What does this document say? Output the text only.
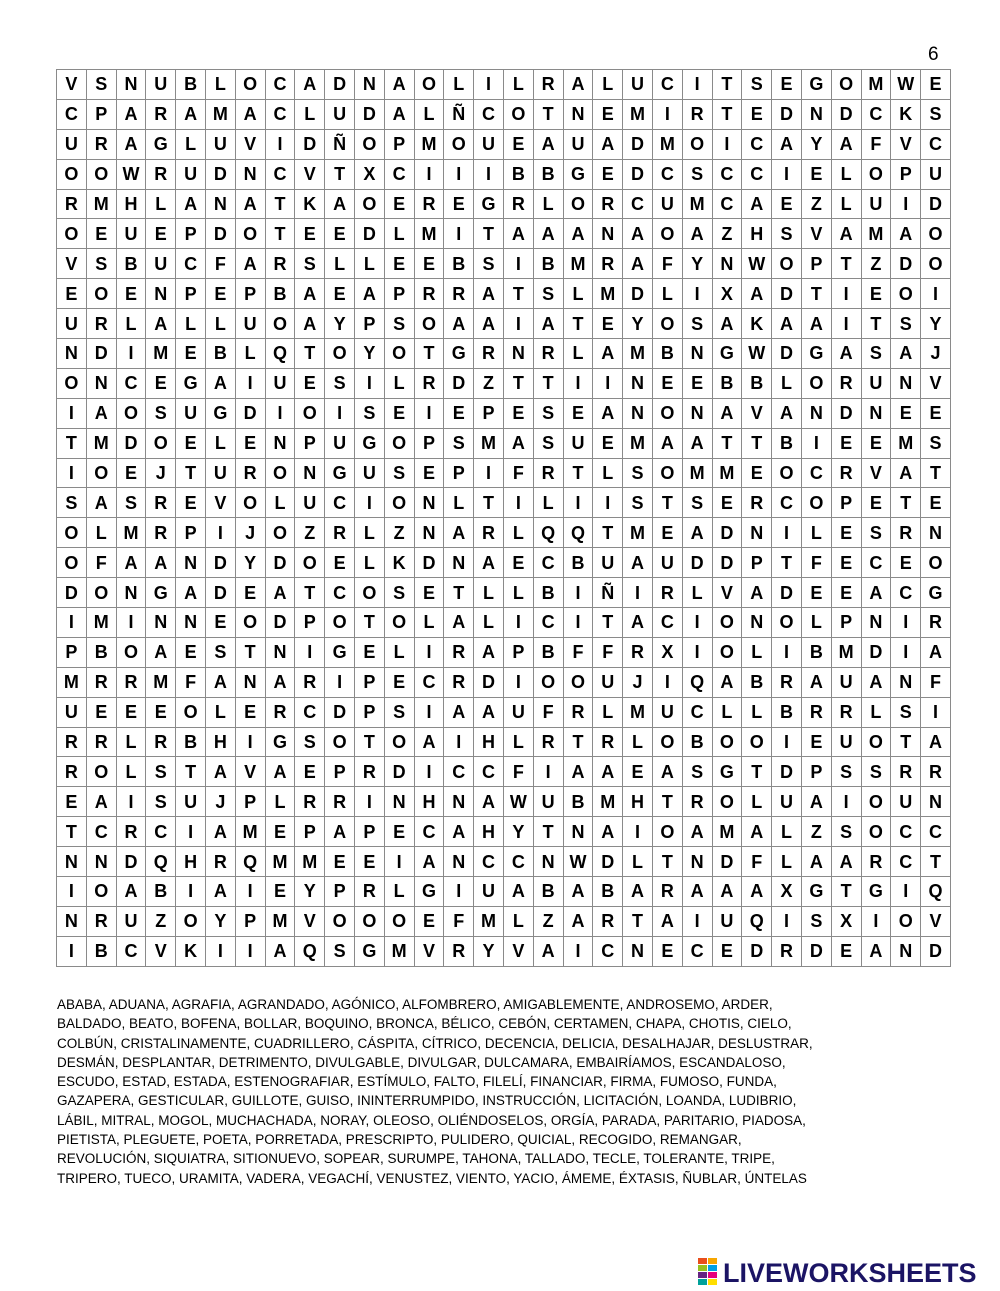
6
V	S	N	U	B	L	O	C	A	D	N	A	O	L	I	L	R	A	L	U	C	I	T	S	E	G	O	M	W	E
C	P	A	R	A	M	A	C	L	U	D	A	L	Ñ	C	O	T	N	E	M	I	R	T	E	D	N	D	C	K	S
U	R	A	G	L	U	V	I	D	Ñ	O	P	M	O	U	E	A	U	A	D	M	O	I	C	A	Y	A	F	V	C
O	O	W	R	U	D	N	C	V	T	X	C	I	I	I	B	B	G	E	D	C	S	C	C	I	E	L	O	P	U
R	M	H	L	A	N	A	T	K	A	O	E	R	E	G	R	L	O	R	C	U	M	C	A	E	Z	L	U	I	D
O	E	U	E	P	D	O	T	E	E	D	L	M	I	T	A	A	A	N	A	O	A	Z	H	S	V	A	M	A	O
V	S	B	U	C	F	A	R	S	L	L	E	E	B	S	I	B	M	R	A	F	Y	N	W	O	P	T	Z	D	O
E	O	E	N	P	E	P	B	A	E	A	P	R	R	A	T	S	L	M	D	L	I	X	A	D	T	I	E	O	I
U	R	L	A	L	L	U	O	A	Y	P	S	O	A	A	I	A	T	E	Y	O	S	A	K	A	A	I	T	S	Y
N	D	I	M	E	B	L	Q	T	O	Y	O	T	G	R	N	R	L	A	M	B	N	G	W	D	G	A	S	A	J
O	N	C	E	G	A	I	U	E	S	I	L	R	D	Z	T	T	I	I	N	E	E	B	B	L	O	R	U	N	V
I	A	O	S	U	G	D	I	O	I	S	E	I	E	P	E	S	E	A	N	O	N	A	V	A	N	D	N	E	E
T	M	D	O	E	L	E	N	P	U	G	O	P	S	M	A	S	U	E	M	A	A	T	T	B	I	E	E	M	S
I	O	E	J	T	U	R	O	N	G	U	S	E	P	I	F	R	T	L	S	O	M	M	E	O	C	R	V	A	T
S	A	S	R	E	V	O	L	U	C	I	O	N	L	T	I	L	I	I	S	T	S	E	R	C	O	P	E	T	E
O	L	M	R	P	I	J	O	Z	R	L	Z	N	A	R	L	Q	Q	T	M	E	A	D	N	I	L	E	S	R	N
O	F	A	A	N	D	Y	D	O	E	L	K	D	N	A	E	C	B	U	A	U	D	D	P	T	F	E	C	E	O
D	O	N	G	A	D	E	A	T	C	O	S	E	T	L	L	B	I	Ñ	I	R	L	V	A	D	E	E	A	C	G
I	M	I	N	N	E	O	D	P	O	T	O	L	A	L	I	C	I	T	A	C	I	O	N	O	L	P	N	I	R
P	B	O	A	E	S	T	N	I	G	E	L	I	R	A	P	B	F	F	R	X	I	O	L	I	B	M	D	I	A
M	R	R	M	F	A	N	A	R	I	P	E	C	R	D	I	O	O	U	J	I	Q	A	B	R	A	U	A	N	F
U	E	E	E	O	L	E	R	C	D	P	S	I	A	A	U	F	R	L	M	U	C	L	L	B	R	R	L	S	I
R	R	L	R	B	H	I	G	S	O	T	O	A	I	H	L	R	T	R	L	O	B	O	O	I	E	U	O	T	A
R	O	L	S	T	A	V	A	E	P	R	D	I	C	C	F	I	A	A	E	A	S	G	T	D	P	S	S	R	R
E	A	I	S	U	J	P	L	R	R	I	N	H	N	A	W	U	B	M	H	T	R	O	L	U	A	I	O	U	N
T	C	R	C	I	A	M	E	P	A	P	E	C	A	H	Y	T	N	A	I	O	A	M	A	L	Z	S	O	C	C
N	N	D	Q	H	R	Q	M	M	E	E	I	A	N	C	C	N	W	D	L	T	N	D	F	L	A	A	R	C	T
I	O	A	B	I	A	I	E	Y	P	R	L	G	I	U	A	B	A	B	A	R	A	A	A	X	G	T	G	I	Q
N	R	U	Z	O	Y	P	M	V	O	O	O	E	F	M	L	Z	A	R	T	A	I	U	Q	I	S	X	I	O	V
I	B	C	V	K	I	I	A	Q	S	G	M	V	R	Y	V	A	I	C	N	E	C	E	D	R	D	E	A	N	D

ABABA, ADUANA, AGRAFIA, AGRANDADO, AGÓNICO, ALFOMBRERO, AMIGABLEMENTE, ANDROSEMO, ARDER,

BALDADO, BEATO, BOFENA, BOLLAR, BOQUINO, BRONCA, BÉLICO, CEBÓN, CERTAMEN, CHAPA, CHOTIS, CIELO,

COLBÚN, CRISTALINAMENTE, CUADRILLERO, CÁSPITA, CÍTRICO, DECENCIA, DELICIA, DESALHAJAR, DESLUSTRAR,

DESMÁN, DESPLANTAR, DETRIMENTO, DIVULGABLE, DIVULGAR, DULCAMARA, EMBAIRÍAMOS, ESCANDALOSO,

ESCUDO, ESTAD, ESTADA, ESTENOGRAFIAR, ESTÍMULO, FALTO, FILELÍ, FINANCIAR, FIRMA, FUMOSO, FUNDA,

GAZAPERA, GESTICULAR, GUILLOTE, GUISO, ININTERRUMPIDO, INSTRUCCIÓN, LICITACIÓN, LOANDA, LUDIBRIO,

LÁBIL, MITRAL, MOGOL, MUCHACHADA, NORAY, OLEOSO, OLIÉNDOSELOS, ORGÍA, PARADA, PARITARIO, PIADOSA,

PIETISTA, PLEGUETE, POETA, PORRETADA, PRESCRIPTO, PULIDERO, QUICIAL, RECOGIDO, REMANGAR,

REVOLUCIÓN, SIQUIATRA, SITIONUEVO, SOPEAR, SURUMPE, TAHONA, TALLADO, TECLE, TOLERANTE, TRIPE,

TRIPERO, TUECO, URAMITA, VADERA, VEGACHÍ, VENUSTEZ, VIENTO, YACIO, ÁMEME, ÉXTASIS, ÑUBLAR, ÚNTELAS

LIVEWORKSHEETS
